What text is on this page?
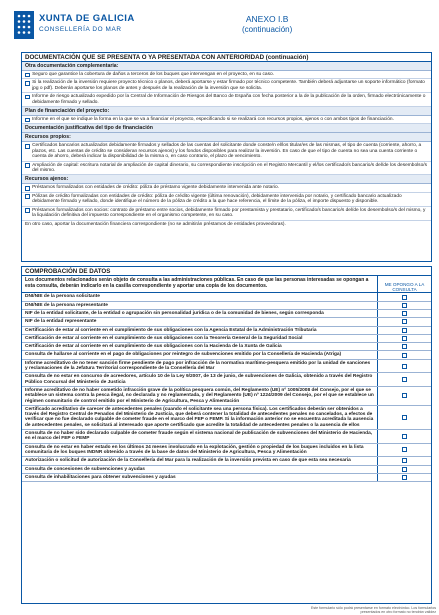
XUNTA DE GALICIA
CONSELLERÍA DO MAR
ANEXO I.B
(continuación)
DOCUMENTACIÓN QUE SE PRESENTA O YA PRESENTADA CON ANTERIORIDAD (continuación)
Otra documentación complementaria:
Seguro que garantice la cobertura de daños a terceros de los buques que intervengan en el proyecto, en su caso.
Si la realización de la inversión requiere proyecto técnico o planos, deberá aportarse y estar firmado por técnico competente. También deberá adjuntarse un soporte informático (formato jpg o pdf). Deberán aportarse los planos de antes y después de la realización de la inversión que se solicita.
Informe de riesgo actualizado expedido por la Central de Información de Riesgos del Banco de España con fecha posterior a la de la publicación de la orden, firmado electrónicamente o debidamente firmado y sellado.
Plan de financiación del proyecto:
Informe en el que se indique la forma en la que se va a financiar el proyecto, especificando si se realizará con recursos propios, ajenos o con ambos tipos de financiación.
Documentación justificativa del tipo de financiación
Recursos propios:
Certificados bancarios actualizados debidamente firmados y sellados de las cuentas del solicitante donde conste/n el/los titular/es de las mismas, el tipo de cuenta (corriente, ahorro, a plazos, etc. Las cuentas de crédito se consideran recursos ajenos) y los fondos disponibles para realizar la inversión. En caso de que el tipo de cuenta no sea una cuenta corriente o cuenta de ahorro, deberá indicar la disponibilidad de la misma o, en caso contrario, el plazo de vencimiento.
Ampliación de capital: escritura notarial de ampliación de capital dinerario, su correspondiente inscripción en el Registro Mercantil y el/los certificado/s bancario/s del/de los desembolso/s del mismo.
Recursos ajenos:
Préstamos formalizados con entidades de crédito: póliza de préstamo vigente debidamente intervenida ante notario.
Pólizas de crédito formalizadas con entidades de crédito: póliza de crédito vigente (última renovación), debidamente intervenida por notario, y certificado bancario actualizado debidamente firmado y sellado, donde identifique el número de la póliza de crédito a la que hace referencia, el límite de la póliza, el importe dispuesto y disponible.
Préstamos formalizados con socios: contrato de préstamo entre socios, debidamente firmado por prestamista y prestatario, certificado/s bancario/s del/de los desembolso/s del mismo, y la liquidación definitiva del impuesto correspondiente en el organismo competente, en su caso.
En otro caso, aportar la documentación financiera correspondiente (no se admitirán préstamos de entidades proveedoras).
COMPROBACIÓN DE DATOS
Los documentos relacionados serán objeto de consulta a las administraciones públicas. En caso de que las personas interesadas se opongan a esta consulta, deberán indicarlo en la casilla correspondiente y aportar una copia de los documentos.	ME OPONGO A LA CONSULTA
DNI/NIE de la persona solicitante
DNI/NIE de la persona representante
NIF de la entidad solicitante, de la entidad o agrupación sin personalidad jurídica o de la comunidad de bienes, según corresponda
NIF de la entidad representante
Certificación de estar al corriente en el cumplimiento de sus obligaciones con la Agencia Estatal de la Administración Tributaria
Certificación de estar al corriente en el cumplimiento de sus obligaciones con la Tesorería General de la Seguridad Social
Certificación de estar al corriente en el cumplimiento de sus obligaciones con la Hacienda de la Xunta de Galicia
Consulta de hallarse al corriente en el pago de obligaciones por reintegro de subvenciones emitido por la Consellería de Hacienda (Atriga)
Informe acreditativo de no tener sanción firme pendiente de pago por infracción de la normativa marítimo-pesquera emitido por la unidad de sanciones y reclamaciones de la Jefatura Territorial correspondiente de la Consellería del Mar
Consulta de no estar en concurso de acreedores, artículo 10 de la Ley 9/2007, de 13 de junio, de subvenciones de Galicia, obtenido a través del Registro Público Concursal del Ministerio de Justicia
Informe acreditativo de no haber cometido infracción grave de la política pesquera común, del Reglamento (UE) nº 1005/2008 del Consejo, por el que se establece un sistema contra la pesca ilegal, no declarada y no reglamentada, y del Reglamento (UE) nº 1224/2009 del Consejo, por el que se establece un régimen comunitario de control emitido por el Ministerio de Agricultura, Pesca y Alimentación
Certificado acreditativo de carecer de antecedentes penales (cuando el solicitante sea una persona física). Los certificados deberán ser obtenidos a través del Registro Central de Penados del Ministerio de Justicia, que deberá contener la totalidad de antecedentes penales no cancelados, a efectos de verificar que no fue declarado culpable de cometer fraude en el marco del FEP o FEMP. Si la información anterior no se encuentra acreditada la ausencia de antecedentes penales, se solicitará al interesado que aporte certificado que acredite la totalidad de antecedentes penales o la ausencia de ellos
Consulta de no haber sido declarado culpable de cometer fraude según el sistema nacional de publicación de subvenciones del Ministerio de Hacienda, en el marco del FEP o FEMP
Consulta de no estar en haber estado en los últimos 24 meses involucrado en la explotación, gestión o propiedad de los buques incluidos en la lista comunitaria de los buques INDNR obtenido a través de la base de datos del Ministerio de Agricultura, Pesca y Alimentación
Autorización o solicitud de autorización de la Consellería del Mar para la realización de la inversión prevista en caso de que esta sea necesaria
Consulta de concesiones de subvenciones y ayudas
Consulta de inhabilitaciones para obtener subvenciones y ayudas
Este formulario sólo podrá presentarse en formato electrónico. Los formularios presentados en otro formato no tendrán validez
